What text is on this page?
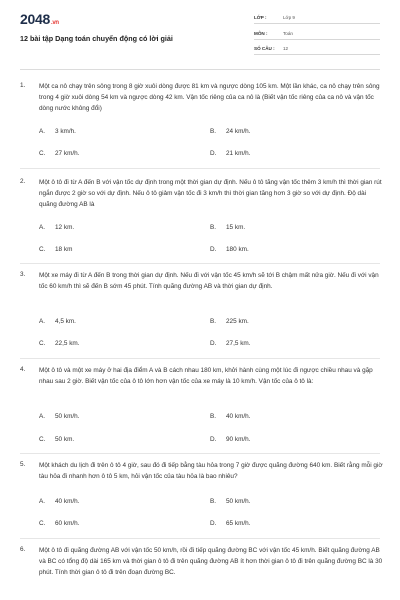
2048.vn
12 bài tập Dạng toán chuyển động có lời giải
LỚP :	Lớp 9
MÔN :	Toán
SỐ CÂU : 12
1. Một ca nô chạy trên sông trong 8 giờ xuôi dòng được 81 km và ngược dòng 105 km. Một lần khác, ca nô chạy trên sông trong 4 giờ xuôi dòng 54 km và ngược dòng 42 km. Vận tốc riêng của ca nô là (Biết vận tốc riêng của ca nô và vận tốc dòng nước không đổi)
A. 3 km/h.	B. 24 km/h.
C. 27 km/h.	D. 21 km/h.
2. Một ô tô đi từ A đến B với vận tốc dự định trong một thời gian dự định. Nếu ô tô tăng vận tốc thêm 3 km/h thì thời gian rút ngắn được 2 giờ so với dự định. Nếu ô tô giảm vận tốc đi 3 km/h thì thời gian tăng hơn 3 giờ so với dự định. Độ dài quãng đường AB là
A. 12 km.	B. 15 km.
C. 18 km	D. 180 km.
3. Một xe máy đi từ A đến B trong thời gian dự định. Nếu đi với vận tốc 45 km/h sẽ tới B chậm mất nửa giờ. Nếu đi với vận tốc 60 km/h thì sẽ đến B sớm 45 phút. Tính quãng đường AB và thời gian dự định.
A. 4,5 km.	B. 225 km.
C. 22,5 km.	D. 27,5 km.
4. Một ô tô và một xe máy ở hai địa điểm A và B cách nhau 180 km, khởi hành cùng một lúc đi ngược chiều nhau và gặp nhau sau 2 giờ. Biết vận tốc của ô tô lớn hơn vận tốc của xe máy là 10 km/h. Vận tốc của ô tô là:
A. 50 km/h.	B. 40 km/h.
C. 50 km.	D. 90 km/h.
5. Một khách du lịch đi trên ô tô 4 giờ, sau đó đi tiếp bằng tàu hỏa trong 7 giờ được quãng đường 640 km. Biết rằng mỗi giờ tàu hỏa đi nhanh hơn ô tô 5 km, hỏi vận tốc của tàu hỏa là bao nhiêu?
A. 40 km/h.	B. 50 km/h.
C. 60 km/h.	D. 65 km/h.
6. Một ô tô đi quãng đường AB với vận tốc 50 km/h, rồi đi tiếp quãng đường BC với vận tốc 45 km/h. Biết quãng đường AB và BC có tổng độ dài 165 km và thời gian ô tô đi trên quãng đường AB ít hơn thời gian ô tô đi trên quãng đường BC là 30 phút. Tính thời gian ô tô đi trên đoạn đường BC.
